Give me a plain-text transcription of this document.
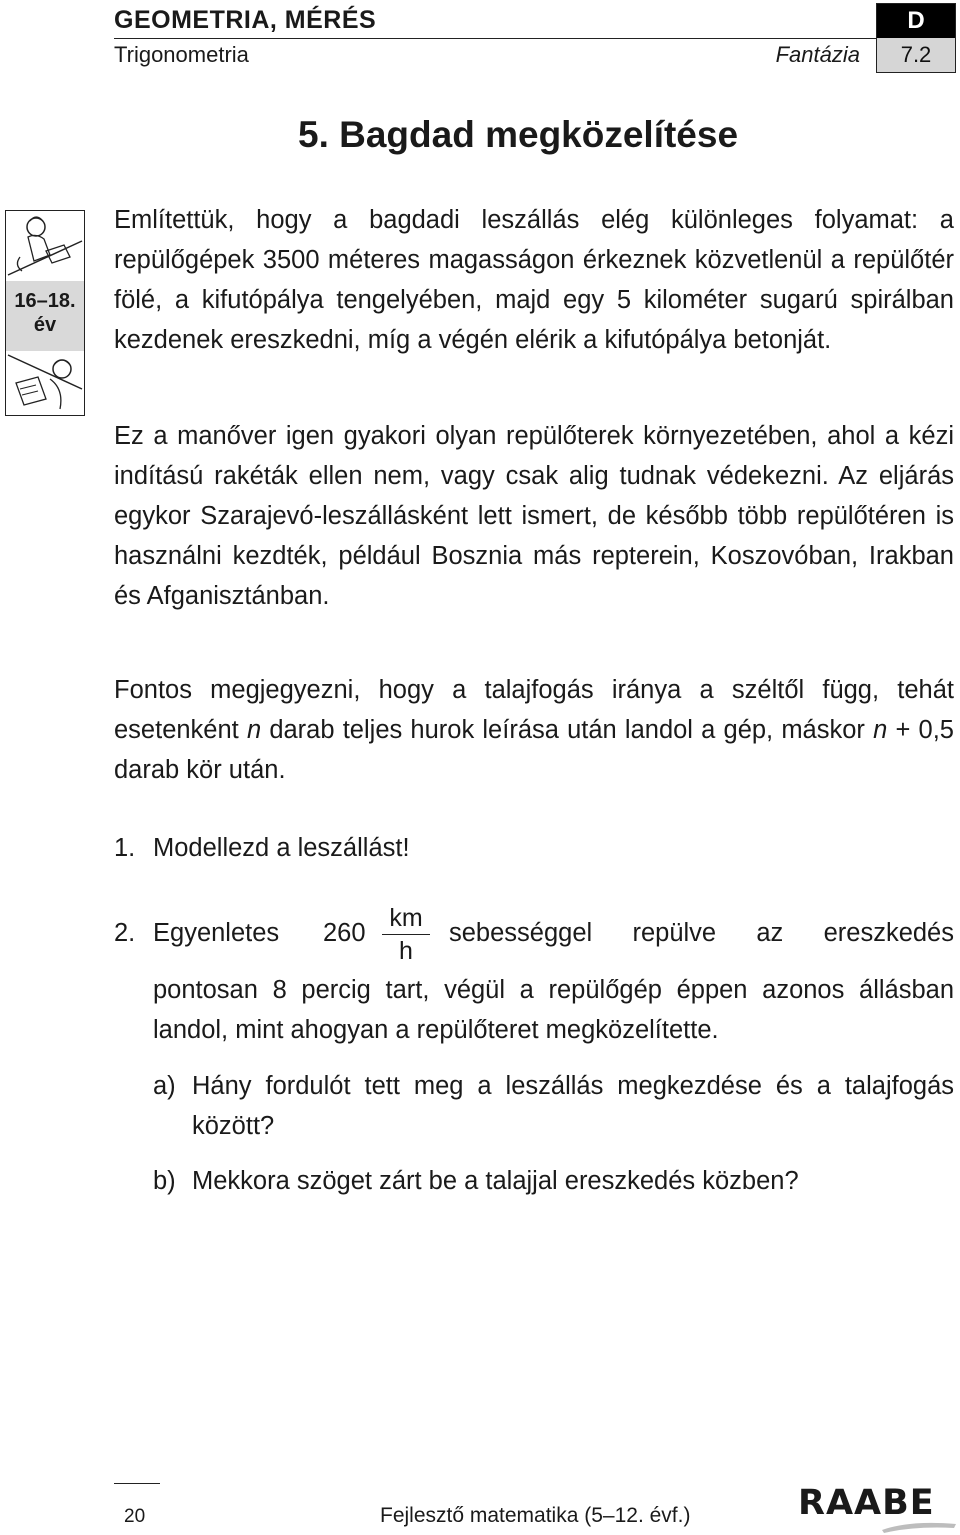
GEOMETRIA, MÉRÉS
Trigonometria	Fantázia
D
7.2
5. Bagdad megközelítése
16–18.
év

Említettük, hogy a bagdadi leszállás elég különleges folyamat: a repülőgépek 3500 méteres magasságon érkeznek közvetlenül a repülőtér fölé, a kifutópálya tengelyében, majd egy 5 kilométer sugarú spirálban kezdenek ereszkedni, míg a végén elérik a kifutópálya betonját.

Ez a manőver igen gyakori olyan repülőterek környezetében, ahol a kézi indítású rakéták ellen nem, vagy csak alig tudnak védekezni. Az eljárás egykor Szarajevó-leszállásként lett ismert, de később több repülőtéren is használni kezdték, például Bosznia más repterein, Koszovóban, Irakban és Afganisztánban.

Fontos megjegyezni, hogy a talajfogás iránya a széltől függ, tehát esetenként n darab teljes hurok leírása után landol a gép, máskor n + 0,5 darab kör után.

1. Modellezd a leszállást!
2. Egyenletes 260
km
h
sebességgel repülve az ereszkedés

pontosan 8 percig tart, végül a repülőgép éppen azonos állásban landol, mint ahogyan a repülőteret megközelítette.

a) Hány fordulót tett meg a leszállás megkezdése és a talajfogás között?

b) Mekkora szöget zárt be a talajjal ereszkedés közben?

20	Fejlesztő matematika (5–12. évf.)	RAABE
